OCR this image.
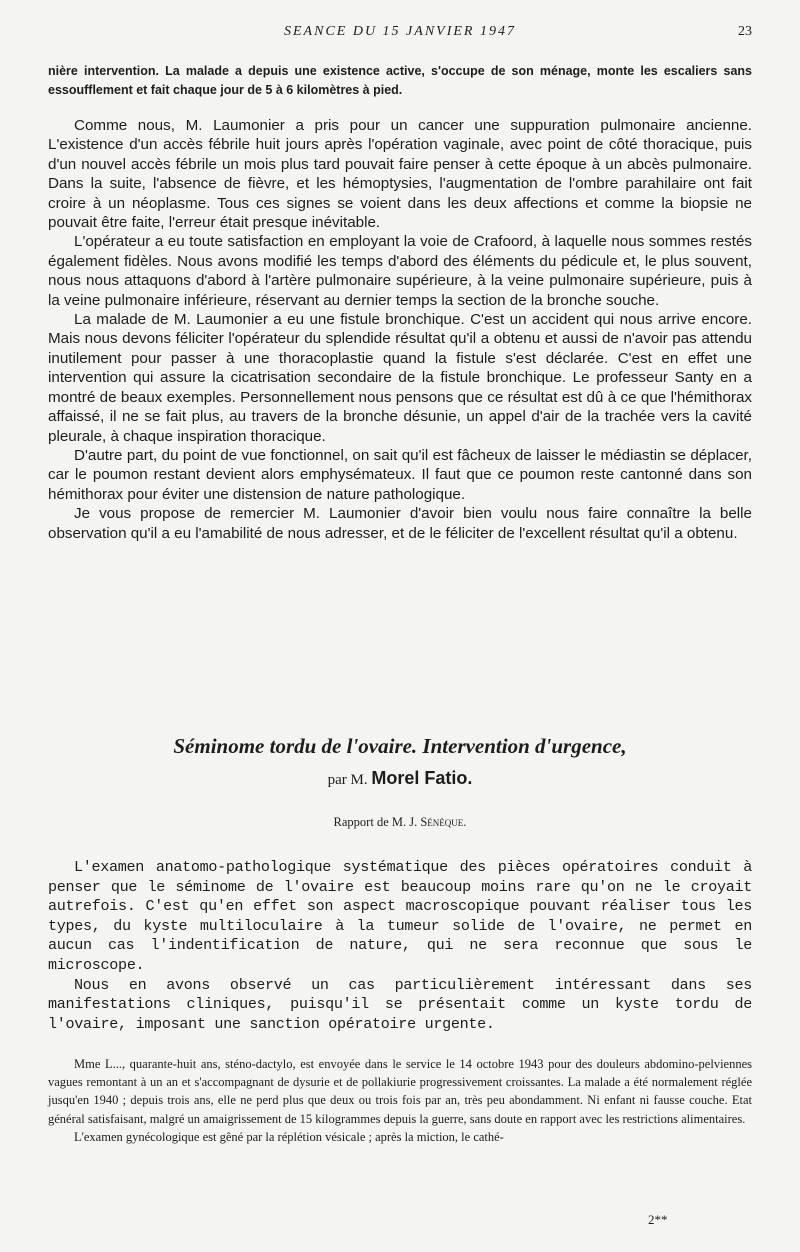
SEANCE DU 15 JANVIER 1947	23
nière intervention. La malade a depuis une existence active, s'occupe de son ménage, monte les escaliers sans essoufflement et fait chaque jour de 5 à 6 kilomètres à pied.

Comme nous, M. Laumonier a pris pour un cancer une suppuration pulmonaire ancienne. L'existence d'un accès fébrile huit jours après l'opération vaginale, avec point de côté thoracique, puis d'un nouvel accès fébrile un mois plus tard pouvait faire penser à cette époque à un abcès pulmonaire. Dans la suite, l'absence de fièvre, et les hémoptysies, l'augmentation de l'ombre parahilaire ont fait croire à un néoplasme. Tous ces signes se voient dans les deux affections et comme la biopsie ne pouvait être faite, l'erreur était presque inévitable.

L'opérateur a eu toute satisfaction en employant la voie de Crafoord, à laquelle nous sommes restés également fidèles. Nous avons modifié les temps d'abord des éléments du pédicule et, le plus souvent, nous nous attaquons d'abord à l'artère pulmonaire supérieure, à la veine pulmonaire supérieure, puis à la veine pulmonaire inférieure, réservant au dernier temps la section de la bronche souche.

La malade de M. Laumonier a eu une fistule bronchique. C'est un accident qui nous arrive encore. Mais nous devons féliciter l'opérateur du splendide résultat qu'il a obtenu et aussi de n'avoir pas attendu inutilement pour passer à une thoracoplastie quand la fistule s'est déclarée. C'est en effet une intervention qui assure la cicatrisation secondaire de la fistule bronchique. Le professeur Santy en a montré de beaux exemples. Personnellement nous pensons que ce résultat est dû à ce que l'hémithorax affaissé, il ne se fait plus, au travers de la bronche désunie, un appel d'air de la trachée vers la cavité pleurale, à chaque inspiration thoracique.

D'autre part, du point de vue fonctionnel, on sait qu'il est fâcheux de laisser le médiastin se déplacer, car le poumon restant devient alors emphysémateux. Il faut que ce poumon reste cantonné dans son hémithorax pour éviter une distension de nature pathologique.

Je vous propose de remercier M. Laumonier d'avoir bien voulu nous faire connaître la belle observation qu'il a eu l'amabilité de nous adresser, et de le féliciter de l'excellent résultat qu'il a obtenu.

Séminome tordu de l'ovaire. Intervention d'urgence,
par M. Morel Fatio.
Rapport de M. J. Sénèque.

L'examen anatomo-pathologique systématique des pièces opératoires conduit à penser que le séminome de l'ovaire est beaucoup moins rare qu'on ne le croyait autrefois. C'est qu'en effet son aspect macroscopique pouvant réaliser tous les types, du kyste multiloculaire à la tumeur solide de l'ovaire, ne permet en aucun cas l'indentification de nature, qui ne sera reconnue que sous le microscope.

Nous en avons observé un cas particulièrement intéressant dans ses manifestations cliniques, puisqu'il se présentait comme un kyste tordu de l'ovaire, imposant une sanction opératoire urgente.

Mme L..., quarante-huit ans, sténo-dactylo, est envoyée dans le service le 14 octobre 1943 pour des douleurs abdomino-pelviennes vagues remontant à un an et s'accompagnant de dysurie et de pollakiurie progressivement croissantes. La malade a été normalement réglée jusqu'en 1940 ; depuis trois ans, elle ne perd plus que deux ou trois fois par an, très peu abondamment. Ni enfant ni fausse couche. Etat général satisfaisant, malgré un amaigrissement de 15 kilogrammes depuis la guerre, sans doute en rapport avec les restrictions alimentaires.

L'examen gynécologique est gêné par la réplétion vésicale ; après la miction, le cathé-

2**
